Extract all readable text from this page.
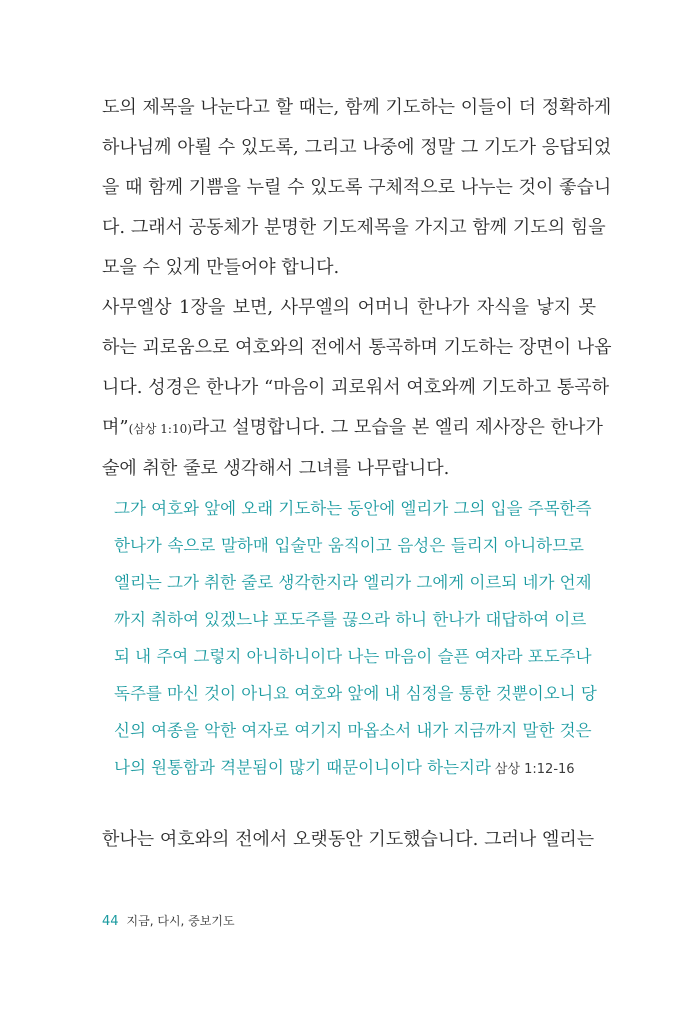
도의 제목을 나눈다고 할 때는, 함께 기도하는 이들이 더 정확하게
하나님께 아뢸 수 있도록, 그리고 나중에 정말 그 기도가 응답되었
을 때 함께 기쁨을 누릴 수 있도록 구체적으로 나누는 것이 좋습니
다. 그래서 공동체가 분명한 기도제목을 가지고 함께 기도의 힘을
모을 수 있게 만들어야 합니다.
사무엘상 1장을 보면, 사무엘의 어머니 한나가 자식을 낳지 못
하는 괴로움으로 여호와의 전에서 통곡하며 기도하는 장면이 나옵
니다. 성경은 한나가 “마음이 괴로워서 여호와께 기도하고 통곡하
며”(삼상 1:10)라고 설명합니다. 그 모습을 본 엘리 제사장은 한나가
술에 취한 줄로 생각해서 그녀를 나무랍니다.
그가 여호와 앞에 오래 기도하는 동안에 엘리가 그의 입을 주목한즉
한나가 속으로 말하매 입술만 움직이고 음성은 들리지 아니하므로
엘리는 그가 취한 줄로 생각한지라 엘리가 그에게 이르되 네가 언제
까지 취하여 있겠느냐 포도주를 끊으라 하니 한나가 대답하여 이르
되 내 주여 그렇지 아니하니이다 나는 마음이 슬픈 여자라 포도주나
독주를 마신 것이 아니요 여호와 앞에 내 심정을 통한 것뿐이오니 당
신의 여종을 악한 여자로 여기지 마옵소서 내가 지금까지 말한 것은
나의 원통함과 격분됨이 많기 때문이니이다 하는지라 삼상 1:12-16
한나는 여호와의 전에서 오랫동안 기도했습니다. 그러나 엘리는
44 지금, 다시, 중보기도
